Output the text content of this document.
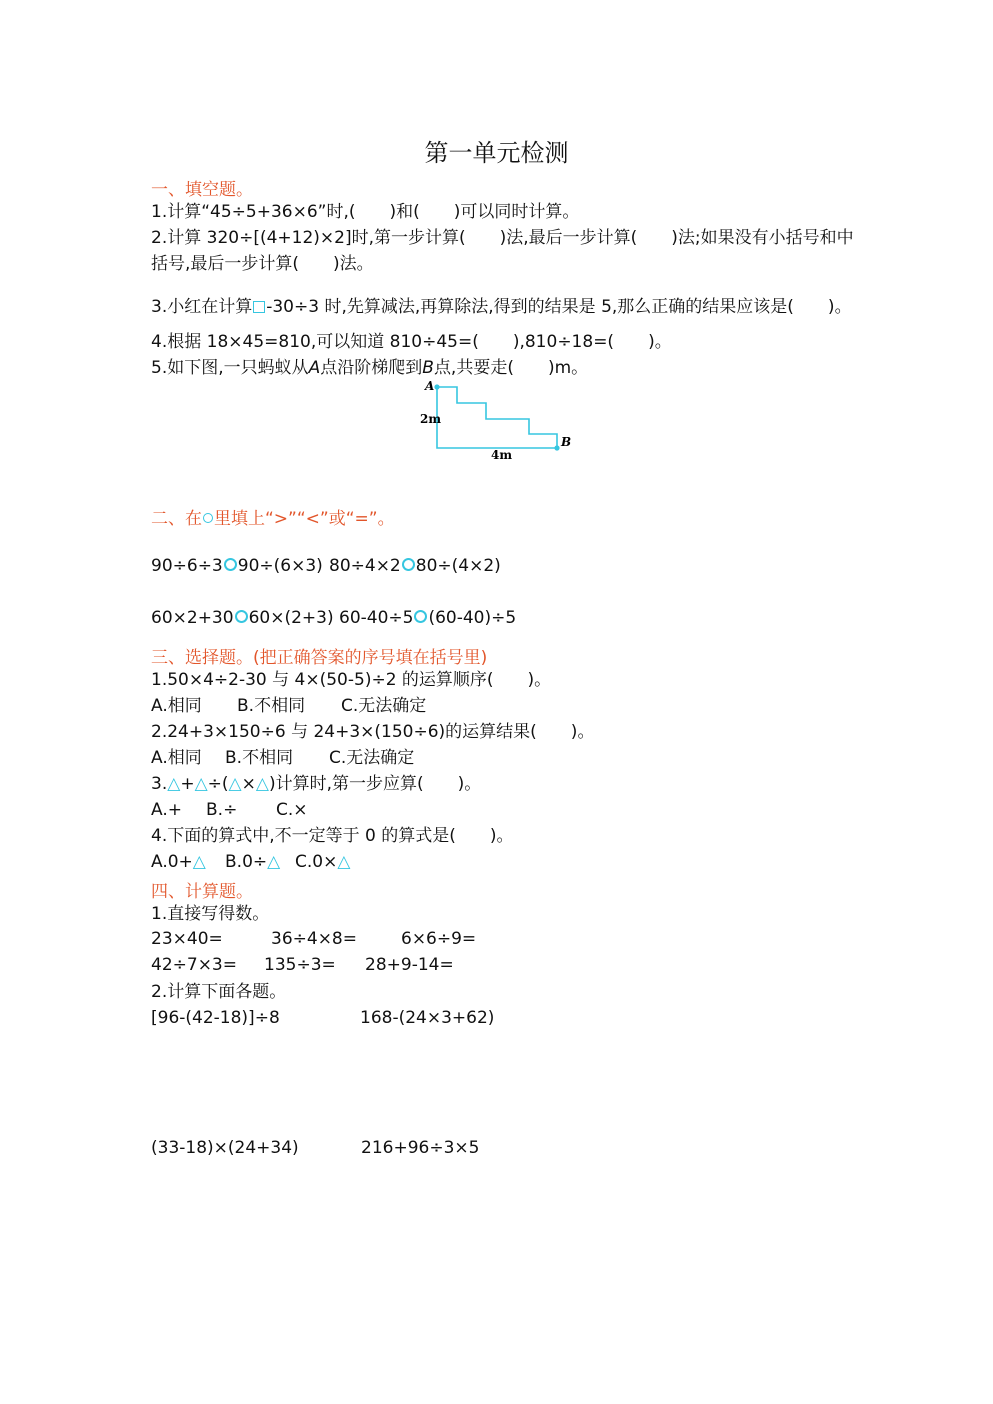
第一单元检测
一、填空题。
1.计算“45÷5+36×6”时,(　　)和(　　)可以同时计算。
2.计算 320÷[(4+12)×2]时,第一步计算(　　)法,最后一步计算(　　)法;如果没有小括号和中
括号,最后一步计算(　　)法。
3.小红在计算 -30÷3 时,先算减法,再算除法,得到的结果是 5,那么正确的结果应该是(　　)。
4.根据 18×45=810,可以知道 810÷45=(　　),810÷18=(　　)。
5.如下图,一只蚂蚁从A点沿阶梯爬到B点,共要走(　　)m。
A
B
2m
4m
二、在 里填上“>”“<”或“=”。
90÷6÷3 90÷(6×3) 80÷4×2 80÷(4×2)
60×2+30 60×(2+3) 60-40÷5 (60-40)÷5
三、选择题。(把正确答案的序号填在括号里)
1.50×4÷2-30 与 4×(50-5)÷2 的运算顺序(　　)。
A.相同 B.不相同 C.无法确定
2.24+3×150÷6 与 24+3×(150÷6)的运算结果(　　)。
A.相同 B.不相同 C.无法确定
3.△+△÷(△×△)计算时,第一步应算(　　)。
A.+ B.÷ C.×
4.下面的算式中,不一定等于 0 的算式是(　　)。
A.0+△ B.0÷△ C.0×△
四、计算题。
1.直接写得数。
23×40=	36÷4×8=	6×6÷9=
42÷7×3= 135÷3= 28+9-14=
2.计算下面各题。
[96-(42-18)]÷8	168-(24×3+62)
(33-18)×(24+34)	216+96÷3×5
